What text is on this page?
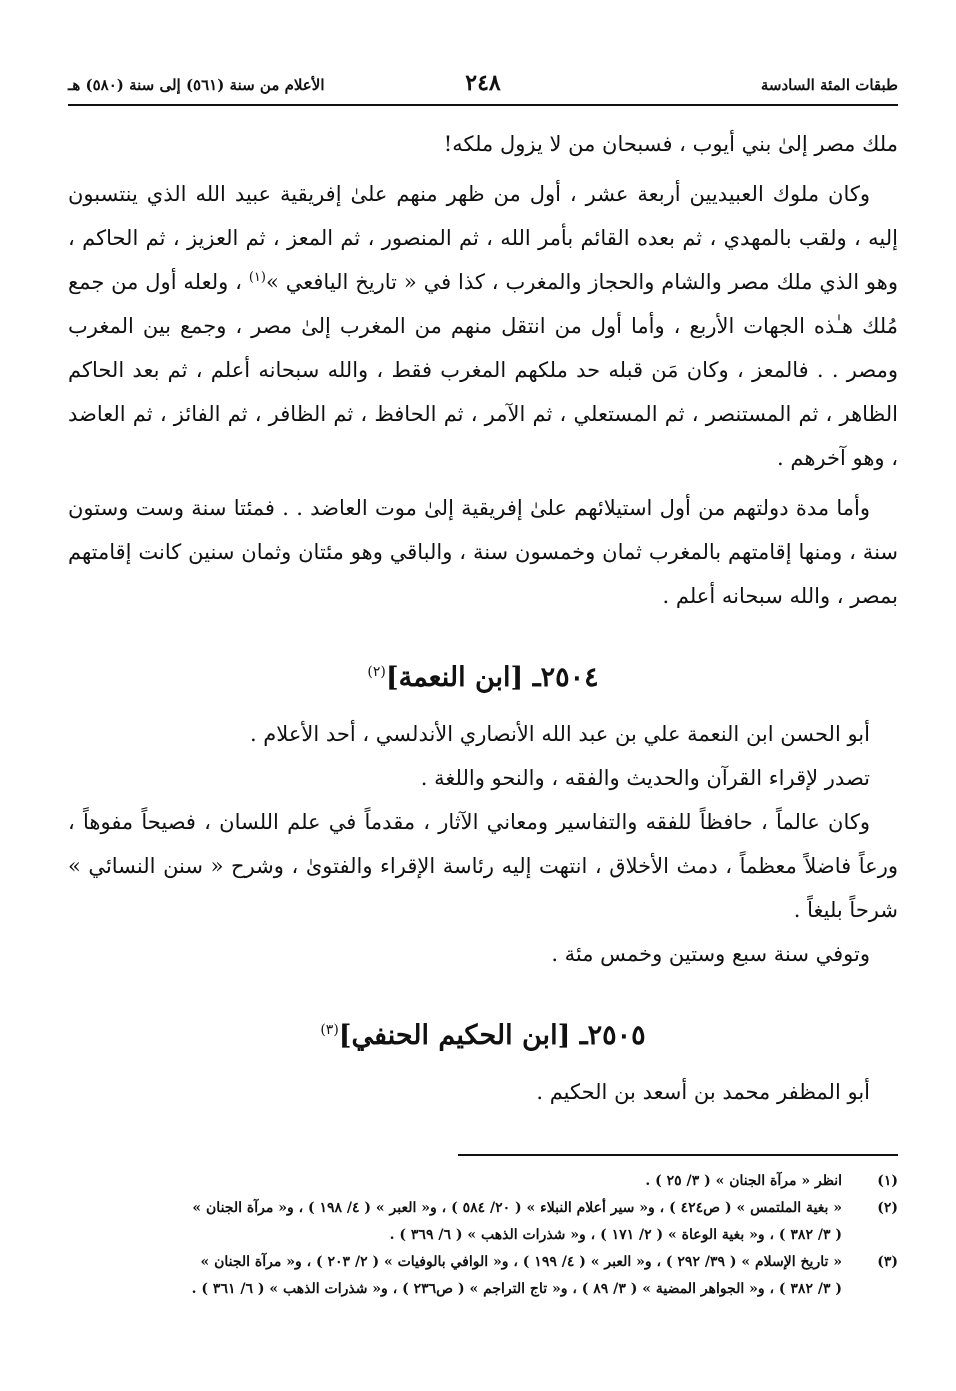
طبقات المئة السادسة
٢٤٨
الأعلام من سنة (٥٦١) إلى سنة (٥٨٠) هـ

ملك مصر إلىٰ بني أيوب ، فسبحان من لا يزول ملكه!

وكان ملوك العبيديين أربعة عشر ، أول من ظهر منهم علىٰ إفريقية عبيد الله الذي ينتسبون إليه ، ولقب بالمهدي ، ثم بعده القائم بأمر الله ، ثم المنصور ، ثم المعز ، ثم العزيز ، ثم الحاكم ، وهو الذي ملك مصر والشام والحجاز والمغرب ، كذا في « تاريخ اليافعي »$^{(١)}$ ، ولعله أول من جمع مُلك هـٰذه الجهات الأربع ، وأما أول من انتقل منهم من المغرب إلىٰ مصر ، وجمع بين المغرب ومصر . . فالمعز ، وكان مَن قبله حد ملكهم المغرب فقط ، والله سبحانه أعلم ، ثم بعد الحاكم الظاهر ، ثم المستنصر ، ثم المستعلي ، ثم الآمر ، ثم الحافظ ، ثم الظافر ، ثم الفائز ، ثم العاضد ، وهو آخرهم .

وأما مدة دولتهم من أول استيلائهم علىٰ إفريقية إلىٰ موت العاضد . . فمئتا سنة وست وستون سنة ، ومنها إقامتهم بالمغرب ثمان وخمسون سنة ، والباقي وهو مئتان وثمان سنين كانت إقامتهم بمصر ، والله سبحانه أعلم .

٢٥٠٤ـ [ابن النعمة]$^{(٢)}$

أبو الحسن ابن النعمة علي بن عبد الله الأنصاري الأندلسي ، أحد الأعلام .

تصدر لإقراء القرآن والحديث والفقه ، والنحو واللغة .

وكان عالماً ، حافظاً للفقه والتفاسير ومعاني الآثار ، مقدماً في علم اللسان ، فصيحاً مفوهاً ، ورعاً فاضلاً معظماً ، دمث الأخلاق ، انتهت إليه رئاسة الإقراء والفتوىٰ ، وشرح « سنن النسائي » شرحاً بليغاً .

وتوفي سنة سبع وستين وخمس مئة .

٢٥٠٥ـ [ابن الحكيم الحنفي]$^{(٣)}$

أبو المظفر محمد بن أسعد بن الحكيم .

(١)
انظر « مرآة الجنان » ( ٣/ ٢٥ ) .
(٢)
« بغية الملتمس » ( ص٤٢٤ ) ، و« سير أعلام النبلاء » ( ٢٠/ ٥٨٤ ) ، و« العبر » ( ٤/ ١٩٨ ) ، و« مرآة الجنان »
( ٣/ ٣٨٢ ) ، و« بغية الوعاة » ( ٢/ ١٧١ ) ، و« شذرات الذهب » ( ٦/ ٣٦٩ ) .
(٣)
« تاريخ الإسلام » ( ٣٩/ ٢٩٢ ) ، و« العبر » ( ٤/ ١٩٩ ) ، و« الوافي بالوفيات » ( ٢/ ٢٠٣ ) ، و« مرآة الجنان »
( ٣/ ٣٨٢ ) ، و« الجواهر المضية » ( ٣/ ٨٩ ) ، و« تاج التراجم » ( ص٢٣٦ ) ، و« شذرات الذهب » ( ٦/ ٣٦١ ) .
